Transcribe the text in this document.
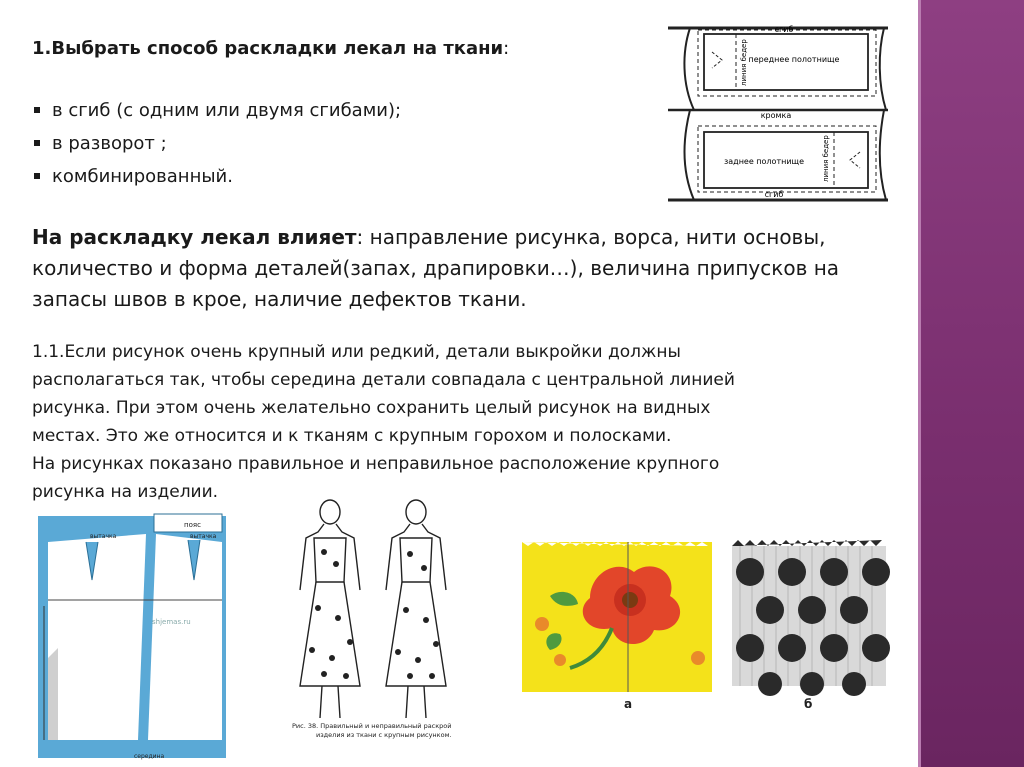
1.Выбрать способ раскладки лекал на ткани:
в сгиб (с одним или двумя сгибами);
в разворот ;
комбинированный.

На раскладку лекал влияет: направление рисунка, ворса, нити основы, количество и форма деталей(запах, драпировки…), величина припусков на запасы швов в крое, наличие дефектов ткани.

1.1.Если рисунок очень крупный или редкий, детали выкройки должны
располагаться так, чтобы середина детали совпадала с центральной линией
рисунка. При этом очень желательно сохранить целый рисунок на видных
местах. Это же относится и к тканям с крупным горохом и полосками.
На рисунках показано правильное и неправильное расположение крупного
рисунка на изделии.

сгиб
переднее полотнище
линия бедер
кромка
заднее полотнище	линия бедер
сгиб
пояс
вытачка	вытачка
shjemas.ru
середина
Рис. 38. Правильный и неправильный раскрой
изделия из ткани с крупным рисунком.
а	б
